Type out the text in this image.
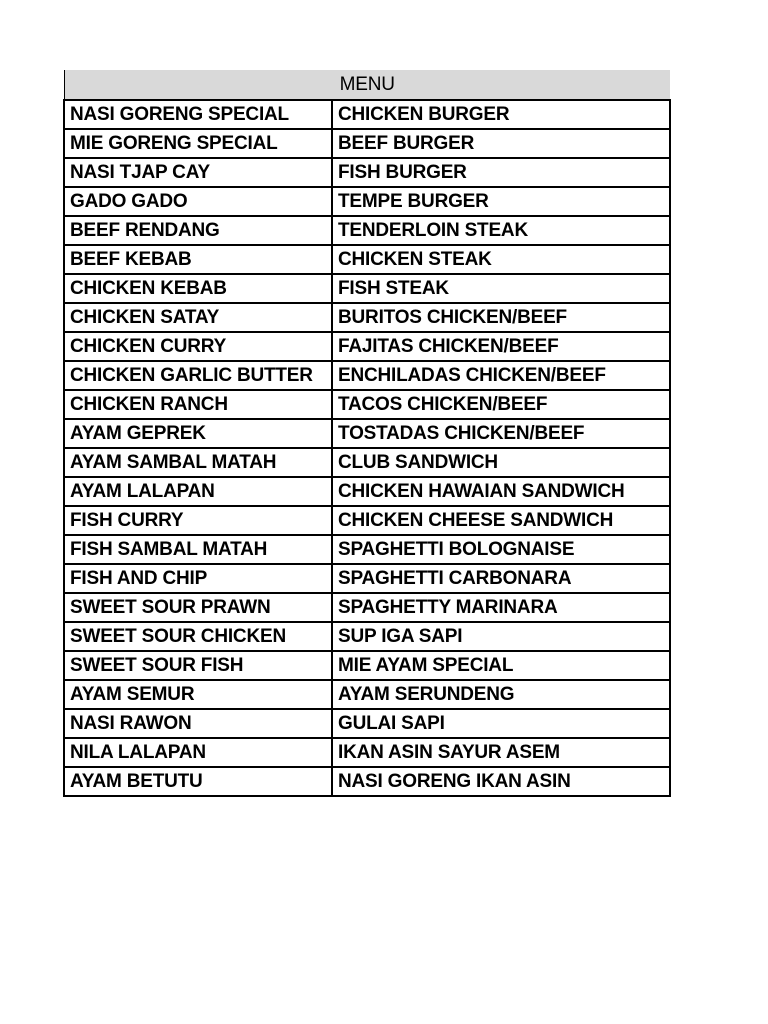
MENU	
NASI GORENG SPECIAL	CHICKEN BURGER
MIE GORENG SPECIAL	BEEF BURGER
NASI TJAP CAY	FISH BURGER
GADO GADO	TEMPE BURGER
BEEF RENDANG	TENDERLOIN STEAK
BEEF KEBAB	CHICKEN STEAK
CHICKEN KEBAB	FISH STEAK
CHICKEN SATAY	BURITOS CHICKEN/BEEF
CHICKEN CURRY	FAJITAS CHICKEN/BEEF
CHICKEN GARLIC BUTTER	ENCHILADAS CHICKEN/BEEF
CHICKEN RANCH	TACOS CHICKEN/BEEF
AYAM GEPREK	TOSTADAS CHICKEN/BEEF
AYAM SAMBAL MATAH	CLUB SANDWICH
AYAM LALAPAN	CHICKEN HAWAIAN SANDWICH
FISH CURRY	CHICKEN CHEESE SANDWICH
FISH SAMBAL MATAH	SPAGHETTI BOLOGNAISE
FISH AND CHIP	SPAGHETTI CARBONARA
SWEET SOUR PRAWN	SPAGHETTY MARINARA
SWEET SOUR CHICKEN	SUP IGA SAPI
SWEET SOUR FISH	MIE AYAM SPECIAL
AYAM SEMUR	AYAM SERUNDENG
NASI RAWON	GULAI SAPI
NILA LALAPAN	IKAN ASIN SAYUR ASEM
AYAM BETUTU	NASI GORENG IKAN ASIN
